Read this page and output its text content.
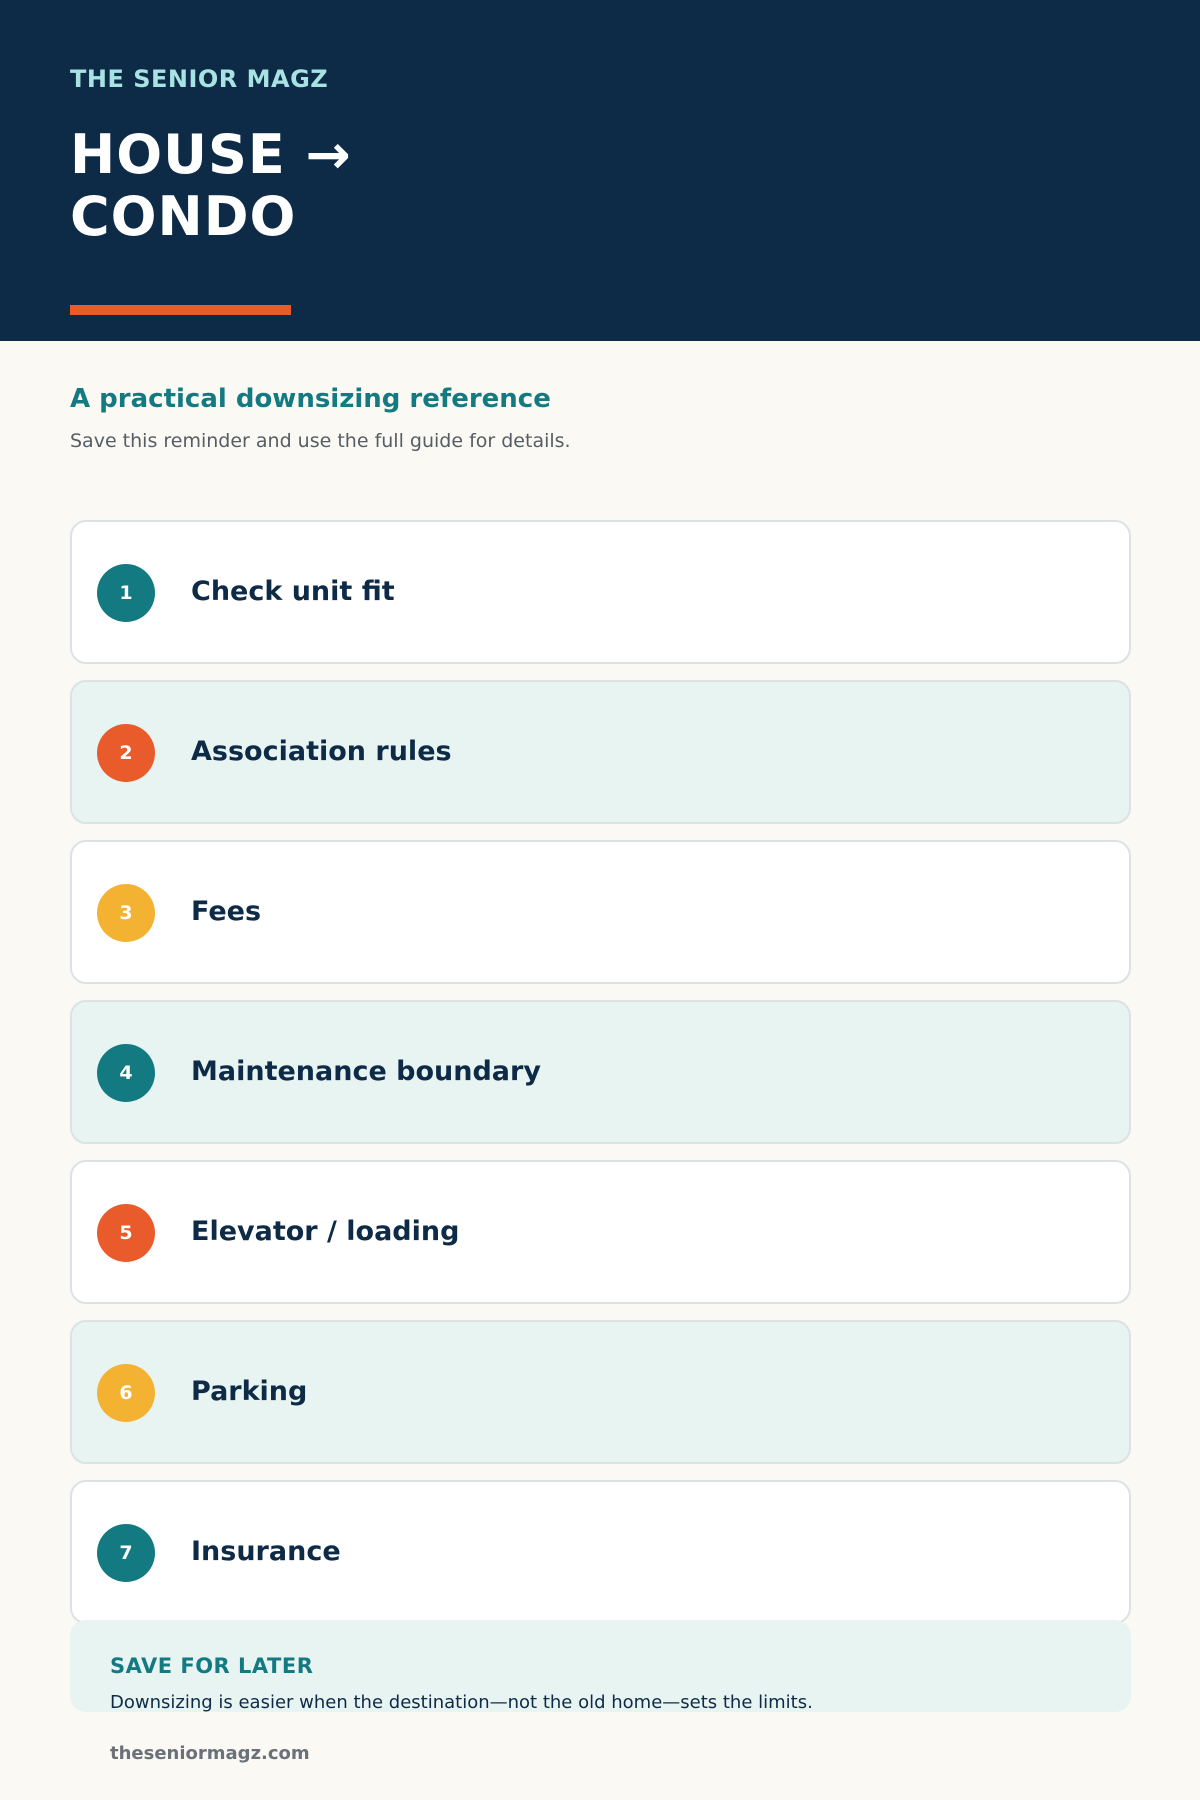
THE SENIOR MAGZ
HOUSE →
CONDO
A practical downsizing reference
Save this reminder and use the full guide for details.
1	Check unit fit
2	Association rules
3	Fees
4	Maintenance boundary
5	Elevator / loading
6	Parking
7	Insurance
SAVE FOR LATER
Downsizing is easier when the destination—not the old home—sets the limits.
theseniormagz.com
